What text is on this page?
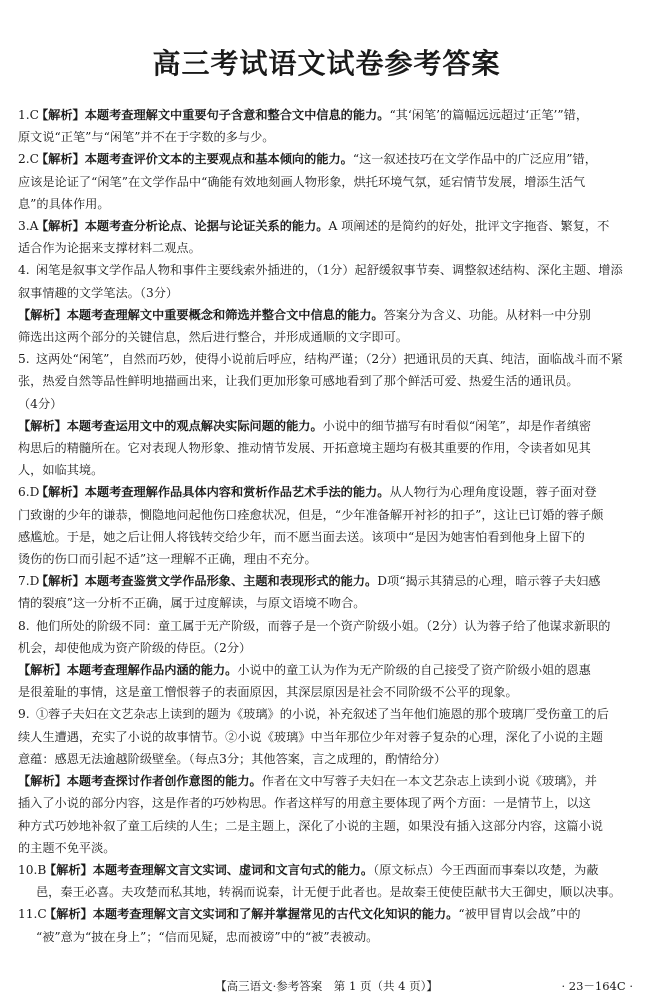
高三考试语文试卷参考答案
1.C
【解析】本题考查理解文中重要句子含意和整合文中信息的能力。“其‘闲笔’的篇幅远远超过‘正笔’”错，
原文说“正笔”与“闲笔”并不在于字数的多与少。
2.C
【解析】本题考查评价文本的主要观点和基本倾向的能力。“这一叙述技巧在文学作品中的广泛应用”错，
应该是论证了“闲笔”在文学作品中“确能有效地刻画人物形象，烘托环境气氛，延宕情节发展，增添生活气
息”的具体作用。
3.A
【解析】本题考查分析论点、论据与论证关系的能力。A 项阐述的是简约的好处，批评文字拖沓、繁复，不
适合作为论据来支撑材料二观点。
4. 闲笔是叙事文学作品人物和事件主要线索外插进的，（1分）起舒缓叙事节奏、调整叙述结构、深化主题、增添
叙事情趣的文学笔法。（3分）
【解析】本题考查理解文中重要概念和筛选并整合文中信息的能力。答案分为含义、功能。从材料一中分别
筛选出这两个部分的关键信息，然后进行整合，并形成通顺的文字即可。
5. 这两处“闲笔”，自然而巧妙，使得小说前后呼应，结构严谨；（2分）把通讯员的天真、纯洁，面临战斗而不紧
张，热爱自然等品性鲜明地描画出来，让我们更加形象可感地看到了那个鲜活可爱、热爱生活的通讯员。
（4分）
【解析】本题考查运用文中的观点解决实际问题的能力。小说中的细节描写有时看似“闲笔”，却是作者缜密
构思后的精髓所在。它对表现人物形象、推动情节发展、开拓意境主题均有极其重要的作用，令读者如见其
人，如临其境。
6.D
【解析】本题考查理解作品具体内容和赏析作品艺术手法的能力。从人物行为心理角度设题，蓉子面对登
门致谢的少年的谦恭，惻隐地问起他伤口痊愈状况，但是，“少年准备解开衬衫的扣子”，这让已订婚的蓉子颇
感尴尬。于是，她之后让佣人将钱转交给少年，而不愿当面去送。该项中“是因为她害怕看到他身上留下的
烫伤的伤口而引起不适”这一理解不正确，理由不充分。
7.D
【解析】本题考查鉴赏文学作品形象、主题和表现形式的能力。D项“揭示其猜忌的心理，暗示蓉子夫妇感
情的裂痕”这一分析不正确，属于过度解读，与原文语境不吻合。
8. 他们所处的阶级不同：童工属于无产阶级，而蓉子是一个资产阶级小姐。（2分）认为蓉子给了他谋求新职的
机会，却使他成为资产阶级的侍臣。（2分）
【解析】本题考查理解作品内涵的能力。小说中的童工认为作为无产阶级的自己接受了资产阶级小姐的恩惠
是很羞耻的事情，这是童工憎恨蓉子的表面原因，其深层原因是社会不同阶级不公平的现象。
9. ①蓉子夫妇在文艺杂志上读到的题为《玻璃》的小说，补充叙述了当年他们施恩的那个玻璃厂受伤童工的后
续人生遭遇，充实了小说的故事情节。②小说《玻璃》中当年那位少年对蓉子复杂的心理，深化了小说的主题
意蕴：感恩无法逾越阶级壁垒。（每点3分；其他答案，言之成理的，酌情给分）
【解析】本题考查探讨作者创作意图的能力。作者在文中写蓉子夫妇在一本文艺杂志上读到小说《玻璃》，并
插入了小说的部分内容，这是作者的巧妙构思。作者这样写的用意主要体现了两个方面：一是情节上，以这
种方式巧妙地补叙了童工后续的人生；二是主题上，深化了小说的主题，如果没有插入这部分内容，这篇小说
的主题不免平淡。
10.B
【解析】本题考查理解文言文实词、虚词和文言句式的能力。（原文标点）今王西面而事秦以攻楚，为蔽
邑，秦王必喜。夫攻楚而私其地，转祸而说秦，计无便于此者也。是故秦王使使臣献书大王御史，顺以决事。
11.C
【解析】本题考查理解文言文实词和了解并掌握常见的古代文化知识的能力。“被甲冒胄以会战”中的
“被”意为“披在身上”；“信而见疑，忠而被谤”中的“被”表被动。
【高三语文·参考答案　第 1 页（共 4 页）】	· 23－164C ·
